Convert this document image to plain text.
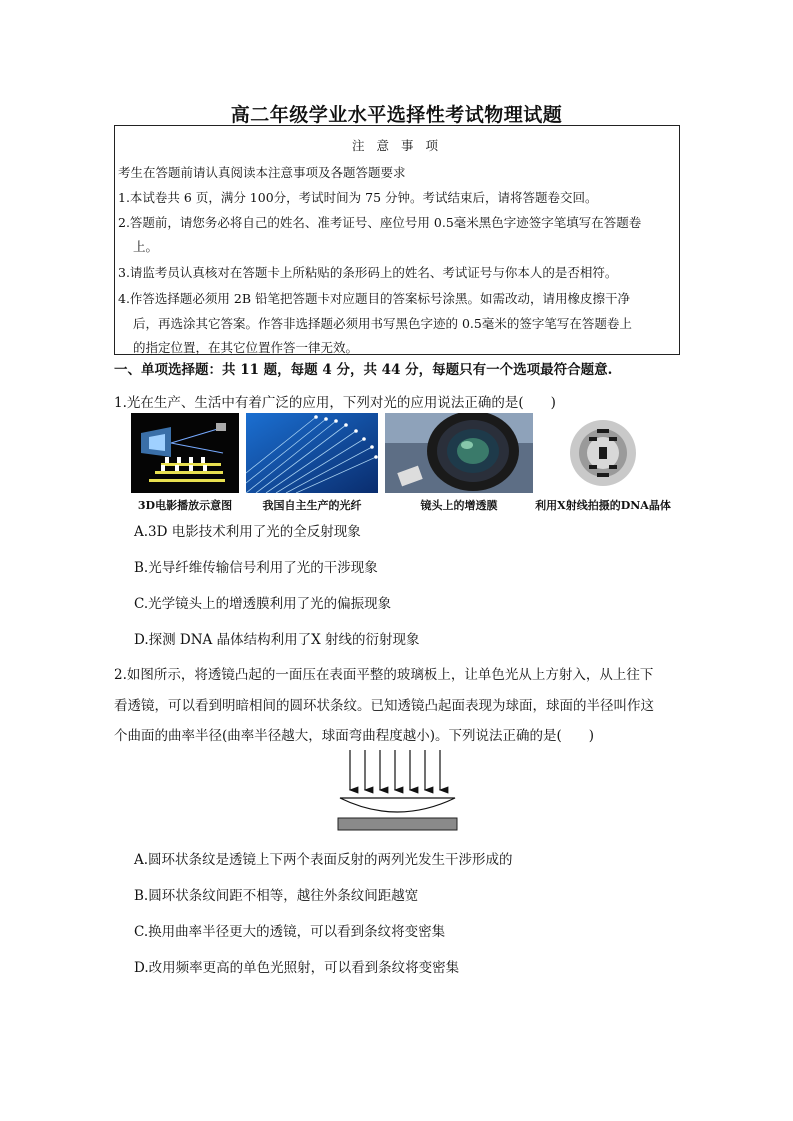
高二年级学业水平选择性考试物理试题
注 意 事 项
考生在答题前请认真阅读本注意事项及各题答题要求
1.本试卷共 6 页，满分 100分，考试时间为 75 分钟。考试结束后，请将答题卷交回。
2.答题前，请您务必将自己的姓名、准考证号、座位号用 0.5毫米黑色字迹签字笔填写在答题卷
上。
3.请监考员认真核对在答题卡上所粘贴的条形码上的姓名、考试证号与你本人的是否相符。
4.作答选择题必须用 2B 铅笔把答题卡对应题目的答案标号涂黑。如需改动，请用橡皮擦干净
后，再选涂其它答案。作答非选择题必须用书写黑色字迹的 0.5毫米的签字笔写在答题卷上
的指定位置，在其它位置作答一律无效。
一、单项选择题：共 11 题，每题 4 分，共 44 分，每题只有一个选项最符合题意.
1.光在生产、生活中有着广泛的应用，下列对光的应用说法正确的是(　　)
3D电影播放示意图	我国自主生产的光纤	镜头上的增透膜	利用X射线拍摄的DNA晶体
A.3D 电影技术利用了光的全反射现象
B.光导纤维传输信号利用了光的干涉现象
C.光学镜头上的增透膜利用了光的偏振现象
D.探测 DNA 晶体结构利用了X 射线的衍射现象
2.如图所示，将透镜凸起的一面压在表面平整的玻璃板上，让单色光从上方射入，从上往下
看透镜，可以看到明暗相间的圆环状条纹。已知透镜凸起面表现为球面，球面的半径叫作这
个曲面的曲率半径(曲率半径越大，球面弯曲程度越小)。下列说法正确的是(　　)
A.圆环状条纹是透镜上下两个表面反射的两列光发生干涉形成的
B.圆环状条纹间距不相等，越往外条纹间距越宽
C.换用曲率半径更大的透镜，可以看到条纹将变密集
D.改用频率更高的单色光照射，可以看到条纹将变密集
